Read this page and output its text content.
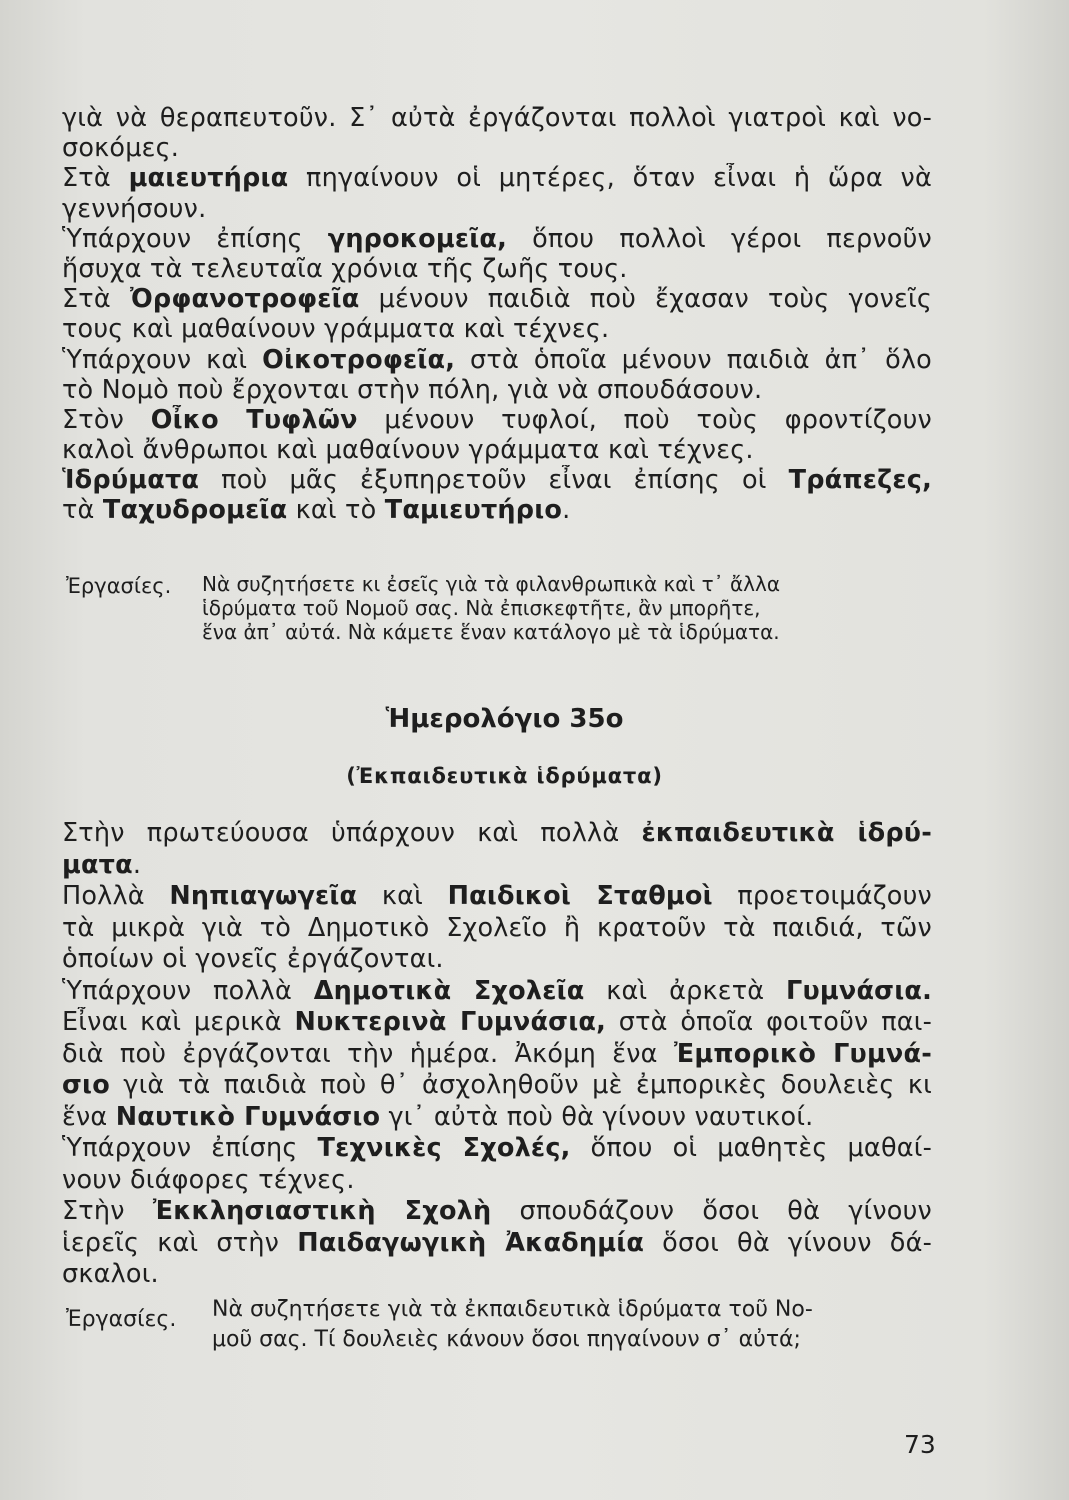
γιὰ νὰ θεραπευτοῦν. Σ᾽ αὐτὰ ἐργάζονται πολλοὶ γιατροὶ καὶ νο-
σοκόμες.
Στὰ μαιευτήρια πηγαίνουν οἱ μητέρες, ὅταν εἶναι ἡ ὥρα νὰ
γεννήσουν.
Ὑπάρχουν ἐπίσης γηροκομεῖα, ὅπου πολλοὶ γέροι περνοῦν
ἥσυχα τὰ τελευταῖα χρόνια τῆς ζωῆς τους.
Στὰ Ὀρφανοτροφεῖα μένουν παιδιὰ ποὺ ἔχασαν τοὺς γονεῖς
τους καὶ μαθαίνουν γράμματα καὶ τέχνες.
Ὑπάρχουν καὶ Οἰκοτροφεῖα, στὰ ὁποῖα μένουν παιδιὰ ἀπ᾽ ὅλο
τὸ Νομὸ ποὺ ἔρχονται στὴν πόλη, γιὰ νὰ σπουδάσουν.
Στὸν Οἶκο Τυφλῶν μένουν τυφλοί, ποὺ τοὺς φροντίζουν
καλοὶ ἄνθρωποι καὶ μαθαίνουν γράμματα καὶ τέχνες.
Ἱδρύματα ποὺ μᾶς ἐξυπηρετοῦν εἶναι ἐπίσης οἱ Τράπεζες,
τὰ Ταχυδρομεῖα καὶ τὸ Ταμιευτήριο.
Ἐργασίες. Νὰ συζητήσετε κι ἐσεῖς γιὰ τὰ φιλανθρωπικὰ καὶ τ᾽ ἄλλα
ἱδρύματα τοῦ Νομοῦ σας. Νὰ ἐπισκεφτῆτε, ἂν μπορῆτε,
ἕνα ἀπ᾽ αὐτά. Νὰ κάμετε ἕναν κατάλογο μὲ τὰ ἱδρύματα.
Ἡμερολόγιο 35ο
(Ἐκπαιδευτικὰ ἱδρύματα)
Στὴν πρωτεύουσα ὑπάρχουν καὶ πολλὰ ἐκπαιδευτικὰ ἱδρύ-
ματα.
Πολλὰ Νηπιαγωγεῖα καὶ Παιδικοὶ Σταθμοὶ προετοιμάζουν
τὰ μικρὰ γιὰ τὸ Δημοτικὸ Σχολεῖο ἢ κρατοῦν τὰ παιδιά, τῶν
ὁποίων οἱ γονεῖς ἐργάζονται.
Ὑπάρχουν πολλὰ Δημοτικὰ Σχολεῖα καὶ ἀρκετὰ Γυμνάσια.
Εἶναι καὶ μερικὰ Νυκτερινὰ Γυμνάσια, στὰ ὁποῖα φοιτοῦν παι-
διὰ ποὺ ἐργάζονται τὴν ἡμέρα. Ἀκόμη ἕνα Ἐμπορικὸ Γυμνά-
σιο γιὰ τὰ παιδιὰ ποὺ θ᾽ ἀσχοληθοῦν μὲ ἐμπορικὲς δουλειὲς κι
ἕνα Ναυτικὸ Γυμνάσιο γι᾽ αὐτὰ ποὺ θὰ γίνουν ναυτικοί.
Ὑπάρχουν ἐπίσης Τεχνικὲς Σχολές, ὅπου οἱ μαθητὲς μαθαί-
νουν διάφορες τέχνες.
Στὴν Ἐκκλησιαστικὴ Σχολὴ σπουδάζουν ὅσοι θὰ γίνουν
ἱερεῖς καὶ στὴν Παιδαγωγικὴ Ἀκαδημία ὅσοι θὰ γίνουν δά-
σκαλοι.
Ἐργασίες. Νὰ συζητήσετε γιὰ τὰ ἐκπαιδευτικὰ ἱδρύματα τοῦ Νο-
μοῦ σας. Τί δουλειὲς κάνουν ὅσοι πηγαίνουν σ᾽ αὐτά;
73
